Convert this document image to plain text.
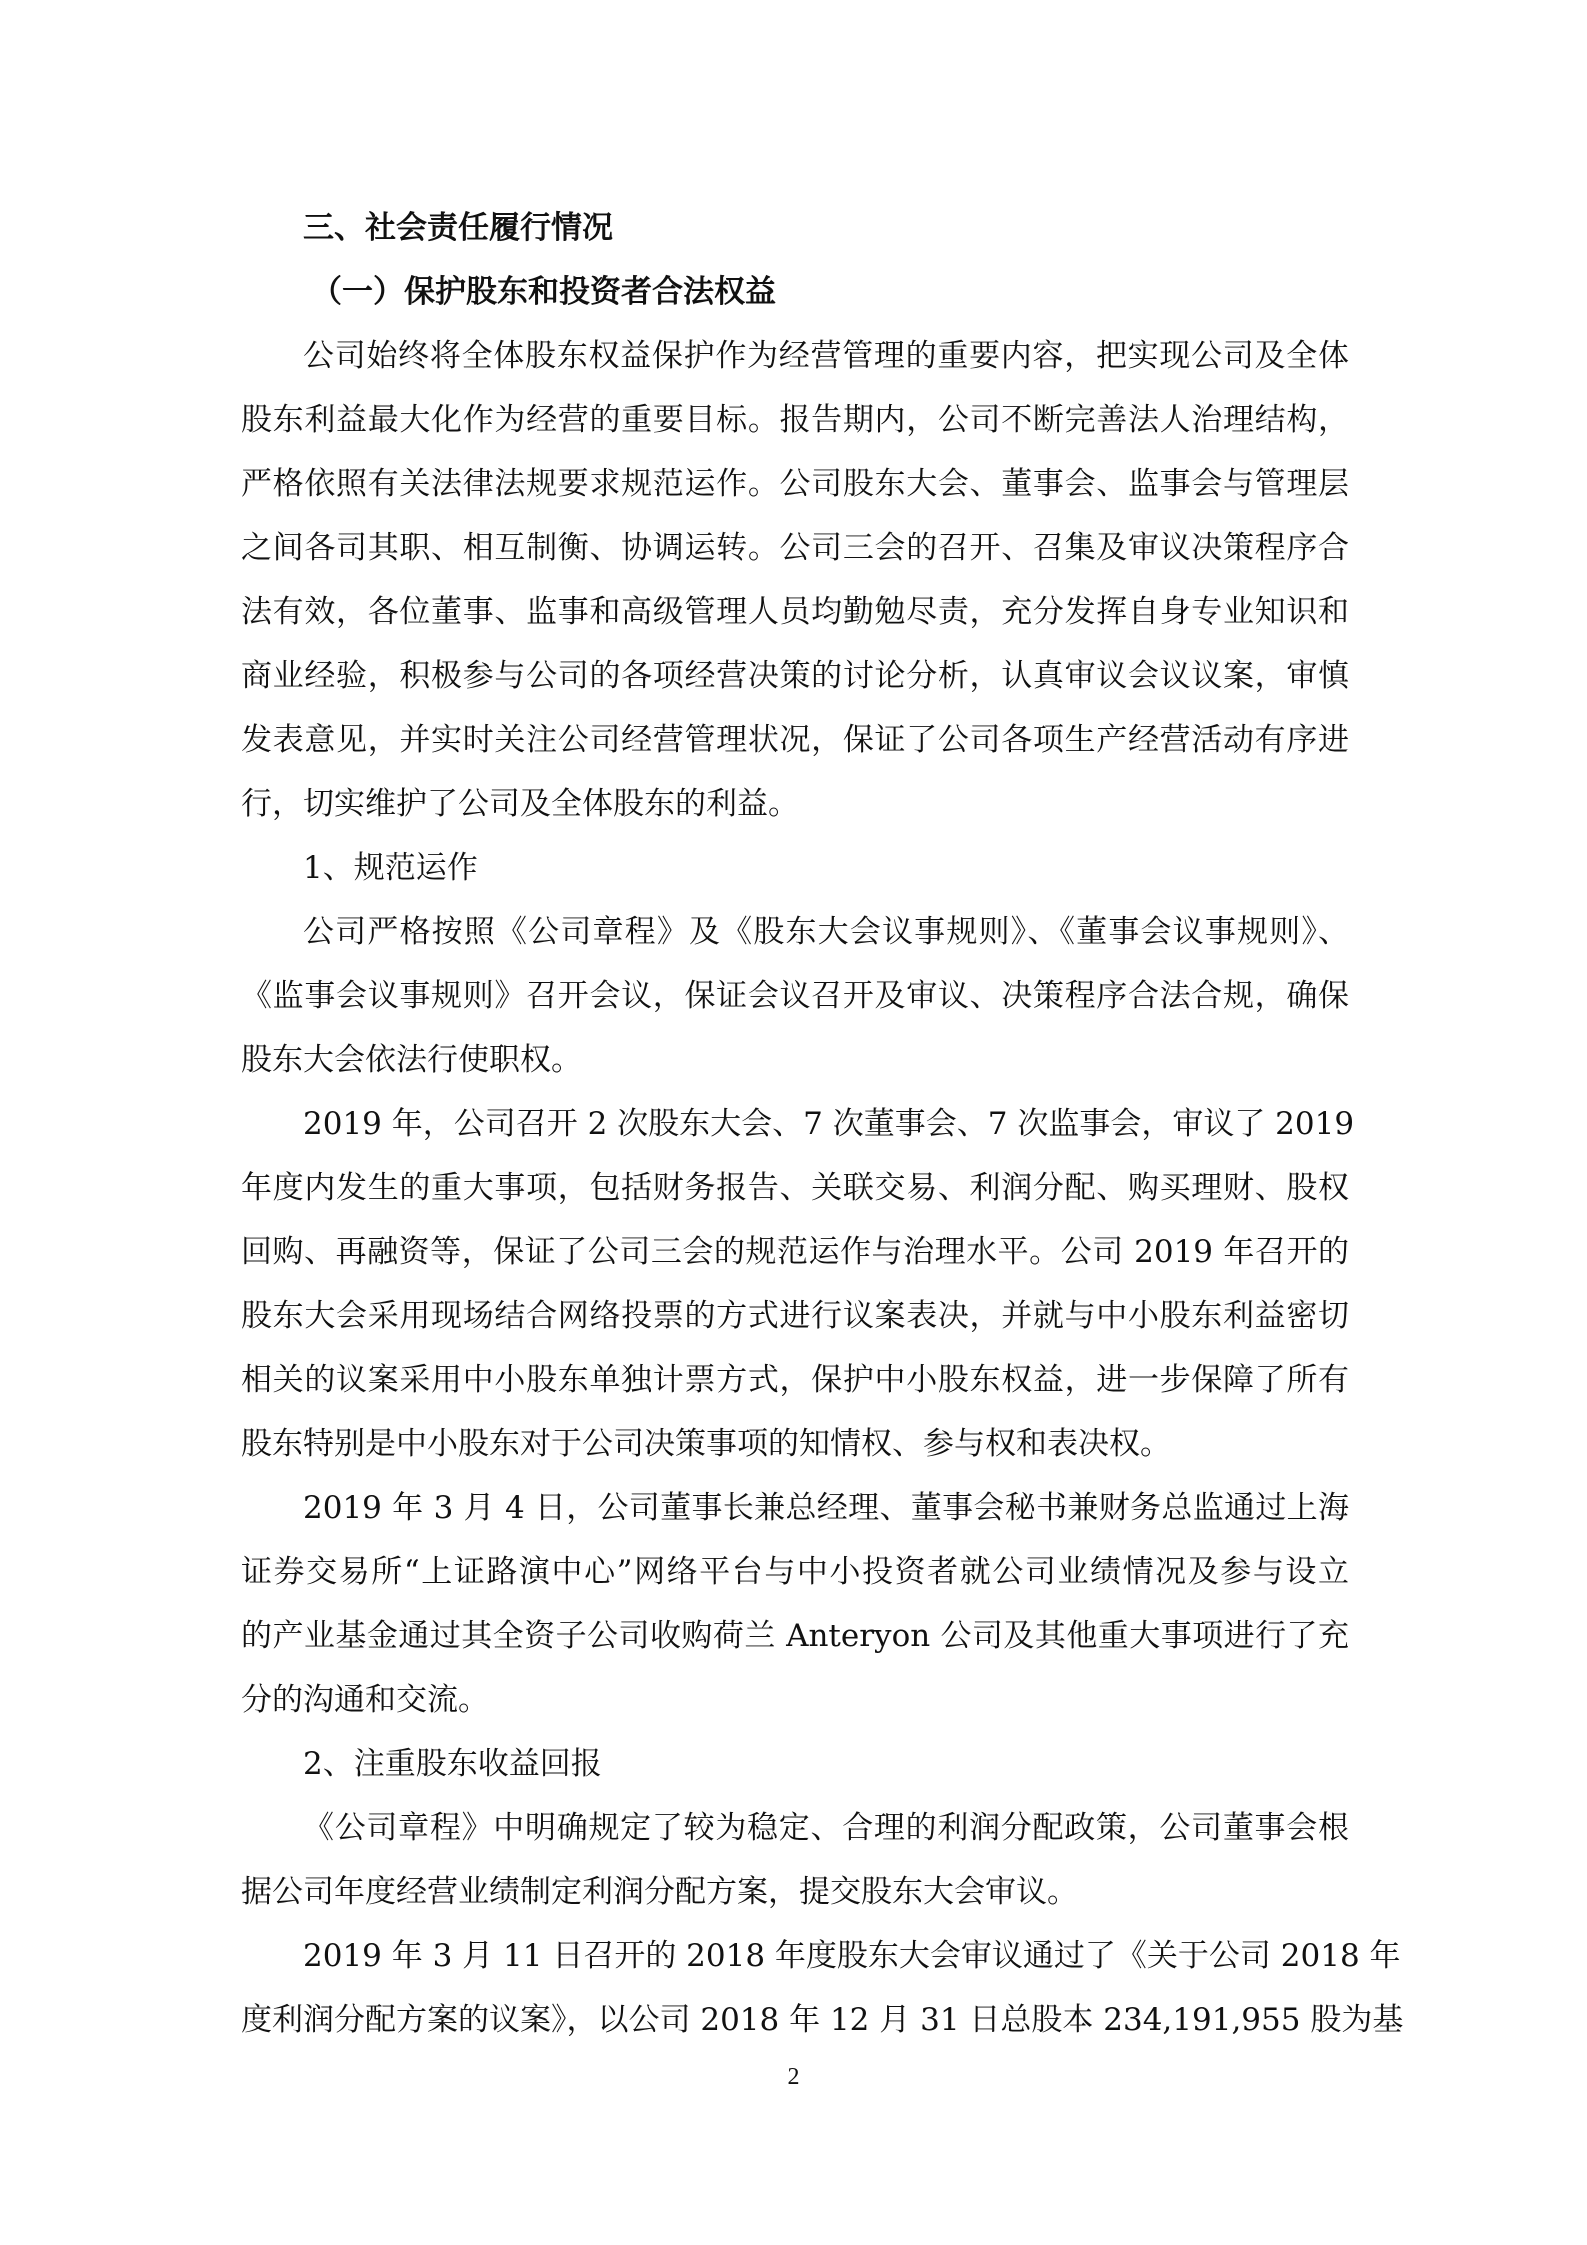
三、社会责任履行情况
（一）保护股东和投资者合法权益
公司始终将全体股东权益保护作为经营管理的重要内容，把实现公司及全体
股东利益最大化作为经营的重要目标。报告期内，公司不断完善法人治理结构，
严格依照有关法律法规要求规范运作。公司股东大会、董事会、监事会与管理层
之间各司其职、相互制衡、协调运转。公司三会的召开、召集及审议决策程序合
法有效，各位董事、监事和高级管理人员均勤勉尽责，充分发挥自身专业知识和
商业经验，积极参与公司的各项经营决策的讨论分析，认真审议会议议案，审慎
发表意见，并实时关注公司经营管理状况，保证了公司各项生产经营活动有序进
行，切实维护了公司及全体股东的利益。
1、规范运作
公司严格按照《公司章程》及《股东大会议事规则》、《董事会议事规则》、
《监事会议事规则》召开会议，保证会议召开及审议、决策程序合法合规，确保
股东大会依法行使职权。
2019 年，公司召开 2 次股东大会、7 次董事会、7 次监事会，审议了 2019
年度内发生的重大事项，包括财务报告、关联交易、利润分配、购买理财、股权
回购、再融资等，保证了公司三会的规范运作与治理水平。公司 2019 年召开的
股东大会采用现场结合网络投票的方式进行议案表决，并就与中小股东利益密切
相关的议案采用中小股东单独计票方式，保护中小股东权益，进一步保障了所有
股东特别是中小股东对于公司决策事项的知情权、参与权和表决权。
2019 年 3 月 4 日，公司董事长兼总经理、董事会秘书兼财务总监通过上海
证券交易所“上证路演中心”网络平台与中小投资者就公司业绩情况及参与设立
的产业基金通过其全资子公司收购荷兰 Anteryon 公司及其他重大事项进行了充
分的沟通和交流。
2、注重股东收益回报
《公司章程》中明确规定了较为稳定、合理的利润分配政策，公司董事会根
据公司年度经营业绩制定利润分配方案，提交股东大会审议。
2019 年 3 月 11 日召开的 2018 年度股东大会审议通过了《关于公司 2018 年
度利润分配方案的议案》，以公司 2018 年 12 月 31 日总股本 234,191,955 股为基
2
